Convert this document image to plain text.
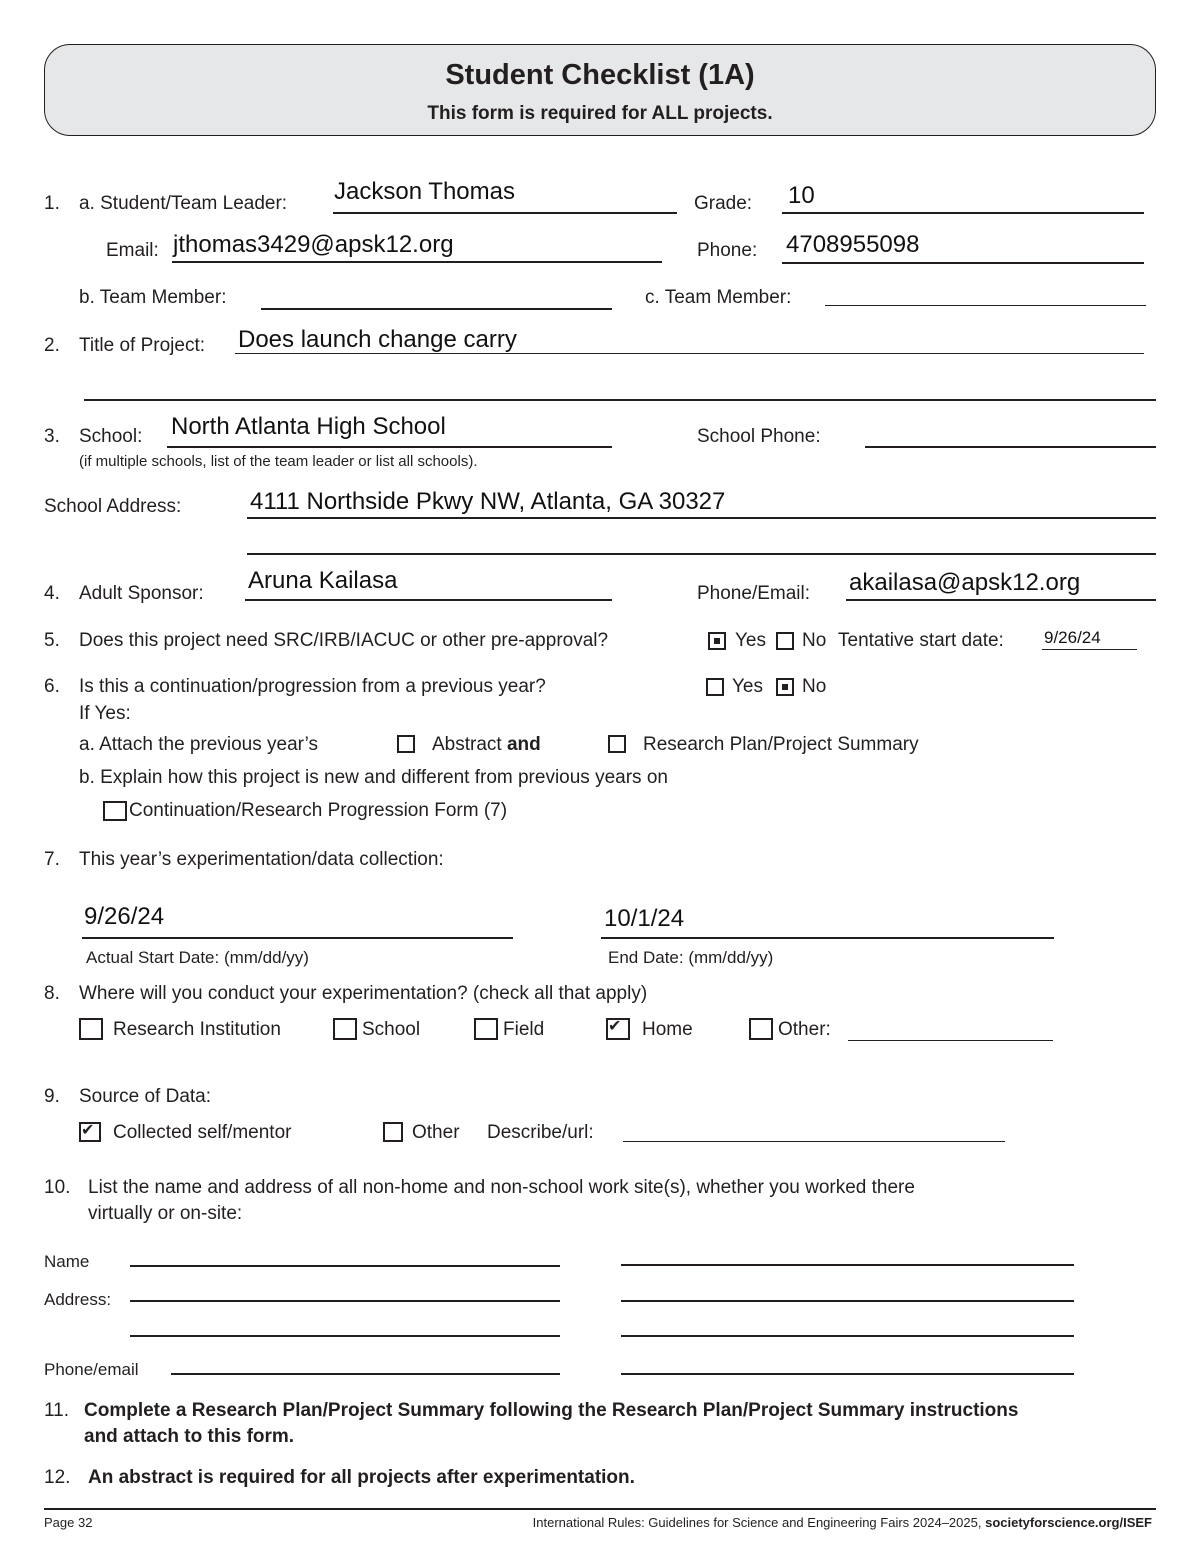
Student Checklist (1A)
This form is required for ALL projects.
1. a. Student/Team Leader: Jackson Thomas	Grade: 10
Email: jthomas3429@apsk12.org	Phone: 4708955098
b. Team Member:	c. Team Member:
2. Title of Project: Does launch change carry
3. School: North Atlanta High School	School Phone:
(if multiple schools, list of the team leader or list all schools).
School Address:	4111 Northside Pkwy NW, Atlanta, GA 30327
4. Adult Sponsor: Aruna Kailasa	Phone/Email: akailasa@apsk12.org
5. Does this project need SRC/IRB/IACUC or other pre-approval?	Yes No Tentative start date: 9/26/24
6. Is this a continuation/progression from a previous year?	Yes No
If Yes:
a. Attach the previous year’s	Abstract and	Research Plan/Project Summary
b. Explain how this project is new and different from previous years on
Continuation/Research Progression Form (7)
7. This year’s experimentation/data collection:
9/26/24
Actual Start Date: (mm/dd/yy)
10/1/24
End Date: (mm/dd/yy)
8. Where will you conduct your experimentation? (check all that apply)
Research Institution	School	Field
✔	Home	Other:
9. Source of Data:
✔
Collected self/mentor	Other Describe/url:
10. List the name and address of all non-home and non-school work site(s), whether you worked there
virtually or on-site:
Name
Address:
Phone/email
11. Complete a Research Plan/Project Summary following the Research Plan/Project Summary instructions
and attach to this form.
12. An abstract is required for all projects after experimentation.
Page 32	International Rules: Guidelines for Science and Engineering Fairs 2024–2025, societyforscience.org/ISEF
